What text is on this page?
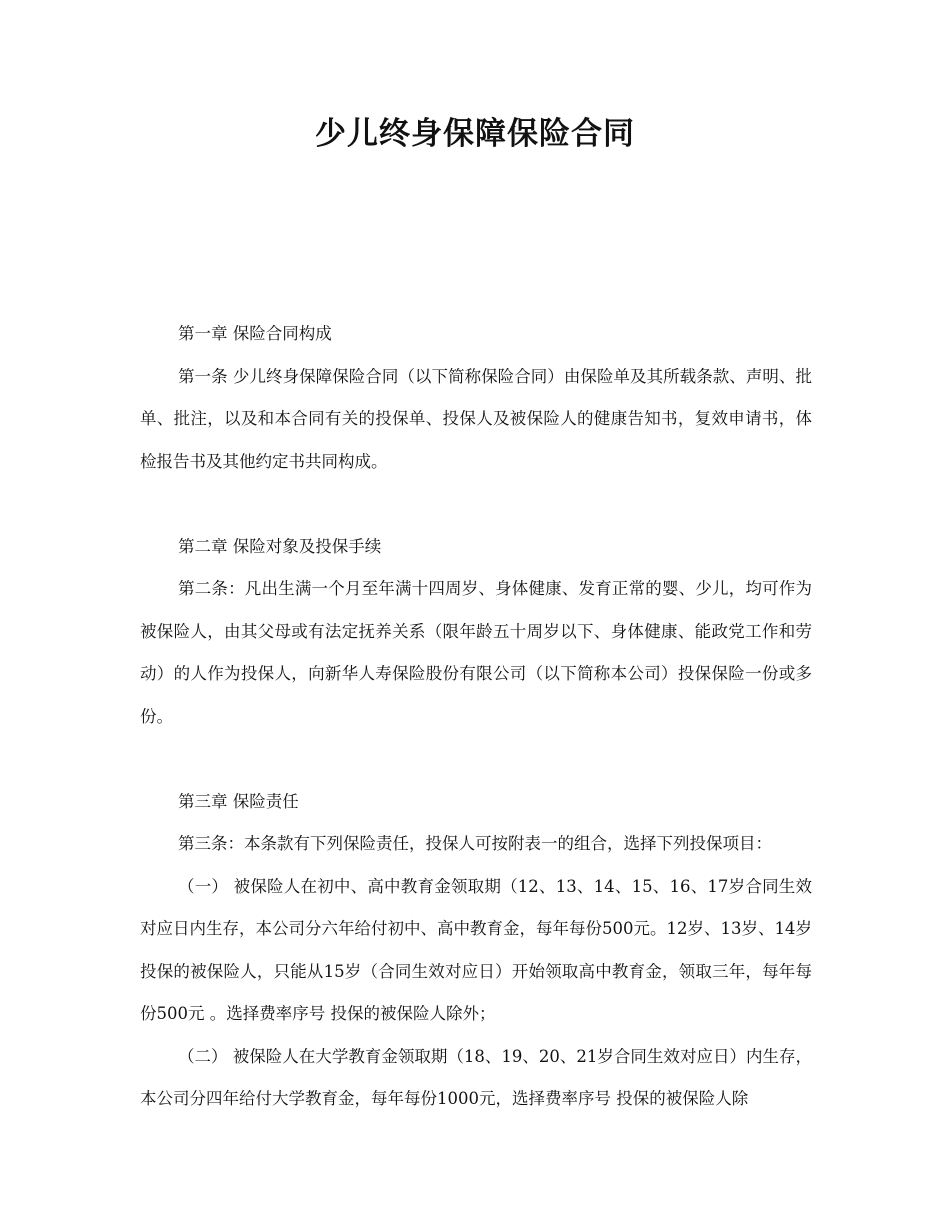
少儿终身保障保险合同
第一章 保险合同构成

第一条 少儿终身保障保险合同（以下简称保险合同）由保险单及其所载条款、声明、批单、批注，以及和本合同有关的投保单、投保人及被保险人的健康告知书，复效申请书，体检报告书及其他约定书共同构成。

第二章 保险对象及投保手续

第二条：凡出生满一个月至年满十四周岁、身体健康、发育正常的婴、少儿，均可作为被保险人，由其父母或有法定抚养关系（限年龄五十周岁以下、身体健康、能政党工作和劳动）的人作为投保人，向新华人寿保险股份有限公司（以下简称本公司）投保保险一份或多份。

第三章 保险责任

第三条：本条款有下列保险责任，投保人可按附表一的组合，选择下列投保项目：

（一） 被保险人在初中、高中教育金领取期（12、13、14、15、16、17岁合同生效对应日内生存，本公司分六年给付初中、高中教育金，每年每份500元。12岁、13岁、14岁投保的被保险人，只能从15岁（合同生效对应日）开始领取高中教育金，领取三年，每年每份500元 。选择费率序号 投保的被保险人除外；

（二） 被保险人在大学教育金领取期（18、19、20、21岁合同生效对应日）内生存，本公司分四年给付大学教育金，每年每份1000元，选择费率序号 投保的被保险人除
